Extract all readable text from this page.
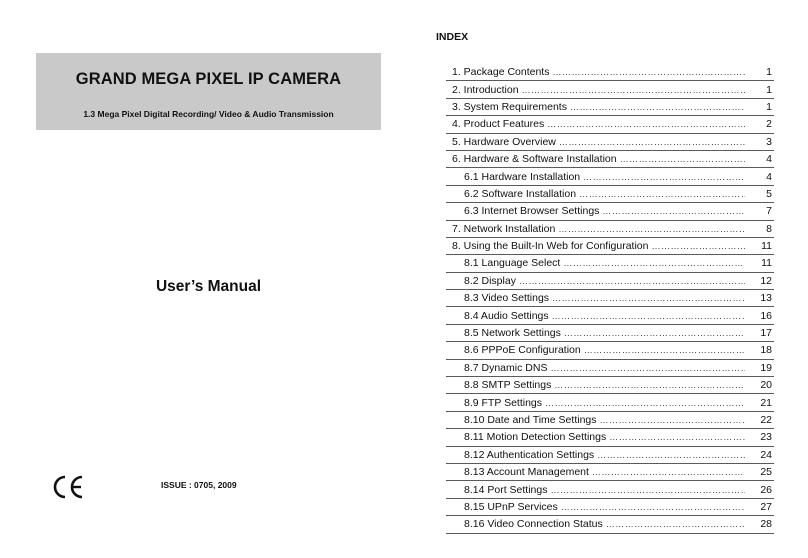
GRAND MEGA PIXEL IP CAMERA
1.3 Mega Pixel Digital Recording/ Video & Audio Transmission
User’s Manual
ISSUE : 0705, 2009
INDEX
1. Package Contents ………………………………………………………………………………………………………	1
2. Introduction ………………………………………………………………………………………………………	1
3. System Requirements ………………………………………………………………………………………………………	1
4. Product Features ………………………………………………………………………………………………………	2
5. Hardware Overview ………………………………………………………………………………………………………	3
6. Hardware & Software Installation ………………………………………………………………………………………………………	4
6.1 Hardware Installation ………………………………………………………………………………………………………	4
6.2 Software Installation ………………………………………………………………………………………………………	5
6.3 Internet Browser Settings ………………………………………………………………………………………………………	7
7. Network Installation ………………………………………………………………………………………………………	8
8. Using the Built-In Web for Configuration ………………………………………………………………………………………………………	11
8.1 Language Select ………………………………………………………………………………………………………	11
8.2 Display ………………………………………………………………………………………………………	12
8.3 Video Settings ………………………………………………………………………………………………………	13
8.4 Audio Settings ………………………………………………………………………………………………………	16
8.5 Network Settings ………………………………………………………………………………………………………	17
8.6 PPPoE Configuration ………………………………………………………………………………………………………	18
8.7 Dynamic DNS ………………………………………………………………………………………………………	19
8.8 SMTP Settings ………………………………………………………………………………………………………	20
8.9 FTP Settings ………………………………………………………………………………………………………	21
8.10 Date and Time Settings ………………………………………………………………………………………………………	22
8.11 Motion Detection Settings ………………………………………………………………………………………………………	23
8.12 Authentication Settings ………………………………………………………………………………………………………	24
8.13 Account Management ………………………………………………………………………………………………………	25
8.14 Port Settings ………………………………………………………………………………………………………	26
8.15 UPnP Services ………………………………………………………………………………………………………	27
8.16 Video Connection Status ………………………………………………………………………………………………………	28
